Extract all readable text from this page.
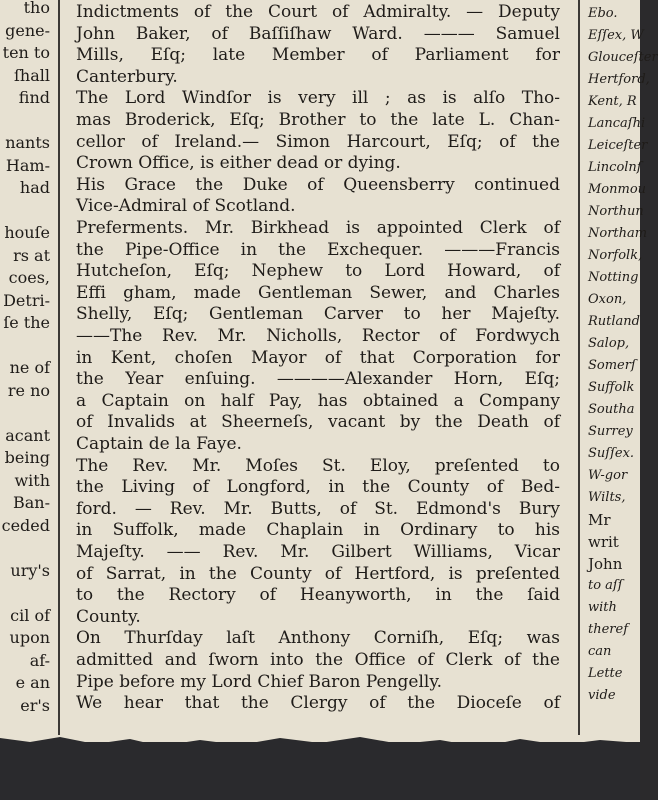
tho
gene-
ten to
ſhall
find
nants
Ham-
had
houſe
rs at
coes,
Detri-
ſe the
ne of
re no
acant
being
with
Ban-
ceded
ury's
cil of
upon
af-
e an
er's
Indictments of the Court of Admiralty. — Deputy
John Baker, of Baſſiſhaw Ward. ——— Samuel
Mills, Eſq; late Member of Parliament for
Canterbury.
The Lord Windſor is very ill ; as is alſo Tho-
mas Broderick, Eſq; Brother to the late L. Chan-
cellor of Ireland.— Simon Harcourt, Eſq; of the
Crown Office, is either dead or dying.
His Grace the Duke of Queensberry continued
Vice-Admiral of Scotland.
Preferments. Mr. Birkhead is appointed Clerk of
the Pipe-Office in the Exchequer. ———Francis
Hutcheſon, Eſq; Nephew to Lord Howard, of
Effi gham, made Gentleman Sewer, and Charles
Shelly, Eſq; Gentleman Carver to her Majeſty.
——The Rev. Mr. Nicholls, Rector of Fordwych
in Kent, choſen Mayor of that Corporation for
the Year enſuing. ————Alexander Horn, Eſq;
a Captain on half Pay, has obtained a Company
of Invalids at Sheerneſs, vacant by the Death of
Captain de la Faye.
The Rev. Mr. Moſes St. Eloy, preſented to
the Living of Longford, in the County of Bed-
ford. — Rev. Mr. Butts, of St. Edmond's Bury
in Suffolk, made Chaplain in Ordinary to his
Majeſty. —— Rev. Mr. Gilbert Williams, Vicar
of Sarrat, in the County of Hertford, is preſented
to the Rectory of Heanyworth, in the ſaid
County.
On Thurſday laſt Anthony Corniſh, Eſq; was
admitted and ſworn into the Office of Clerk of the
Pipe before my Lord Chief Baron Pengelly.
We hear that the Clergy of the Dioceſe of
Ebo.
Eſſex, W
Glouceſter
Hertford,
Kent, R
Lancaſhi
Leiceſter
Lincolnſ
Monmou
Northun
Northam
Norfolk,
Notting
Oxon,
Rutland
Salop,
Somerſ
Suffolk
Southa
Surrey
Suſſex.
W-gor
Wilts,
Mr
writ
John
to aſſ
with
theref
can
Lette
vide
